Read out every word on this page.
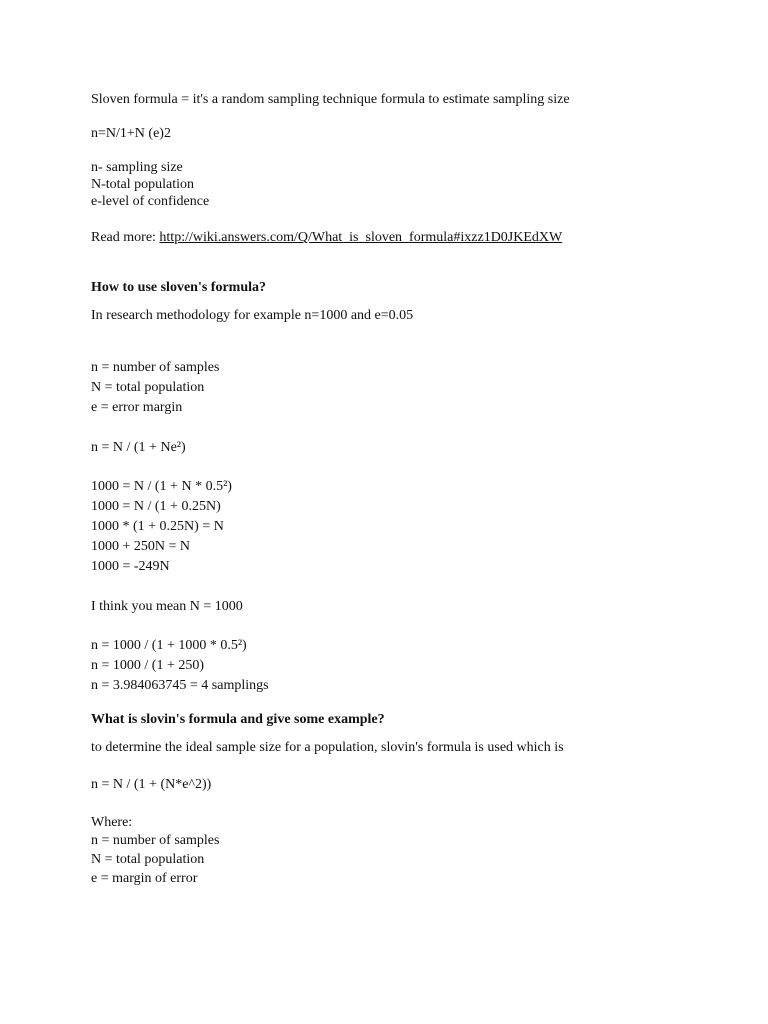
Sloven formula = it's a random sampling technique formula to estimate sampling size

n=N/1+N (e)2

n- sampling size

N-total population

e-level of confidence

Read more: http://wiki.answers.com/Q/What_is_sloven_formula#ixzz1D0JKEdXW

How to use sloven's formula?

In research methodology for example n=1000 and e=0.05

n = number of samples

N = total population

e = error margin

n = N / (1 + Ne²)

1000 = N / (1 + N * 0.5²)

1000 = N / (1 + 0.25N)

1000 * (1 + 0.25N) = N

1000 + 250N = N

1000 = -249N

I think you mean N = 1000

n = 1000 / (1 + 1000 * 0.5²)

n = 1000 / (1 + 250)

n = 3.984063745 = 4 samplings

What is slovin's formula and give some example?

to determine the ideal sample size for a population, slovin's formula is used which is

n = N / (1 + (N*e^2))

Where:

n = number of samples

N = total population

e = margin of error
